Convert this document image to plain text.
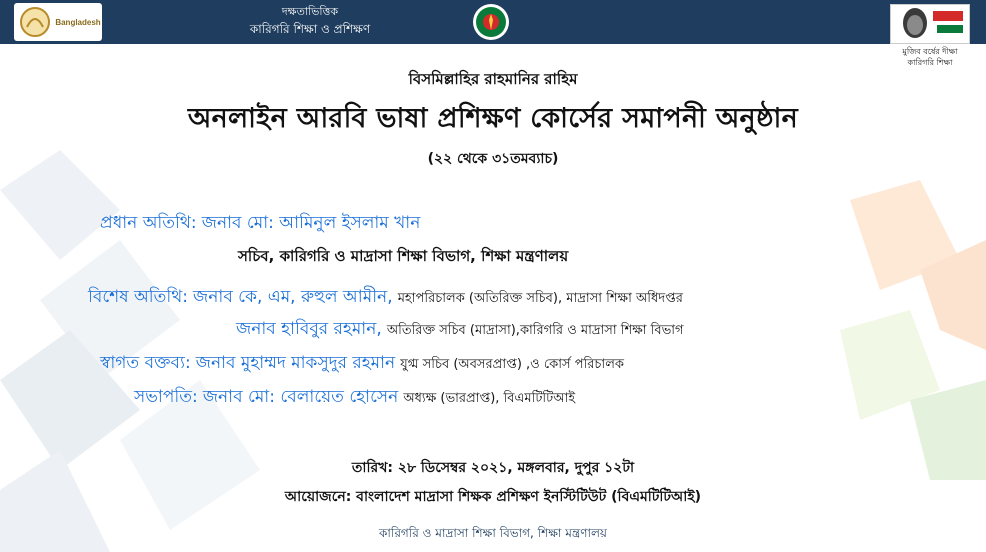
Bangladesh
দক্ষতাভিত্তিক
কারিগরি শিক্ষা ও প্রশিক্ষণ
মুজিব বর্ষের দীক্ষা
কারিগরি শিক্ষা
বিসমিল্লাহির রাহমানির রাহিম
অনলাইন আরবি ভাষা প্রশিক্ষণ কোর্সের সমাপনী অনুষ্ঠান
(২২ থেকে ৩১তমব্যাচ)
প্রধান অতিথি: জনাব মো: আমিনুল ইসলাম খান
সচিব, কারিগরি ও মাদ্রাসা শিক্ষা বিভাগ, শিক্ষা মন্ত্রণালয়
বিশেষ অতিথি: জনাব কে, এম, রুহুল আমীন, মহাপরিচালক (অতিরিক্ত সচিব), মাদ্রাসা শিক্ষা অধিদপ্তর
জনাব হাবিবুর রহমান, অতিরিক্ত সচিব (মাদ্রাসা),কারিগরি ও মাদ্রাসা শিক্ষা বিভাগ
স্বাগত বক্তব্য: জনাব মুহাম্মদ মাকসুদুর রহমান যুগ্ম সচিব (অবসরপ্রাপ্ত) ,ও কোর্স পরিচালক
সভাপতি: জনাব মো: বেলায়েত হোসেন অধ্যক্ষ (ভারপ্রাপ্ত), বিএমটিটিআই
তারিখ: ২৮ ডিসেম্বর ২০২১, মঙ্গলবার, দুপুর ১২টা
আয়োজনে: বাংলাদেশ মাদ্রাসা শিক্ষক প্রশিক্ষণ ইনস্টিটিউট (বিএমটিটিআই)
কারিগরি ও মাদ্রাসা শিক্ষা বিভাগ, শিক্ষা মন্ত্রণালয়
